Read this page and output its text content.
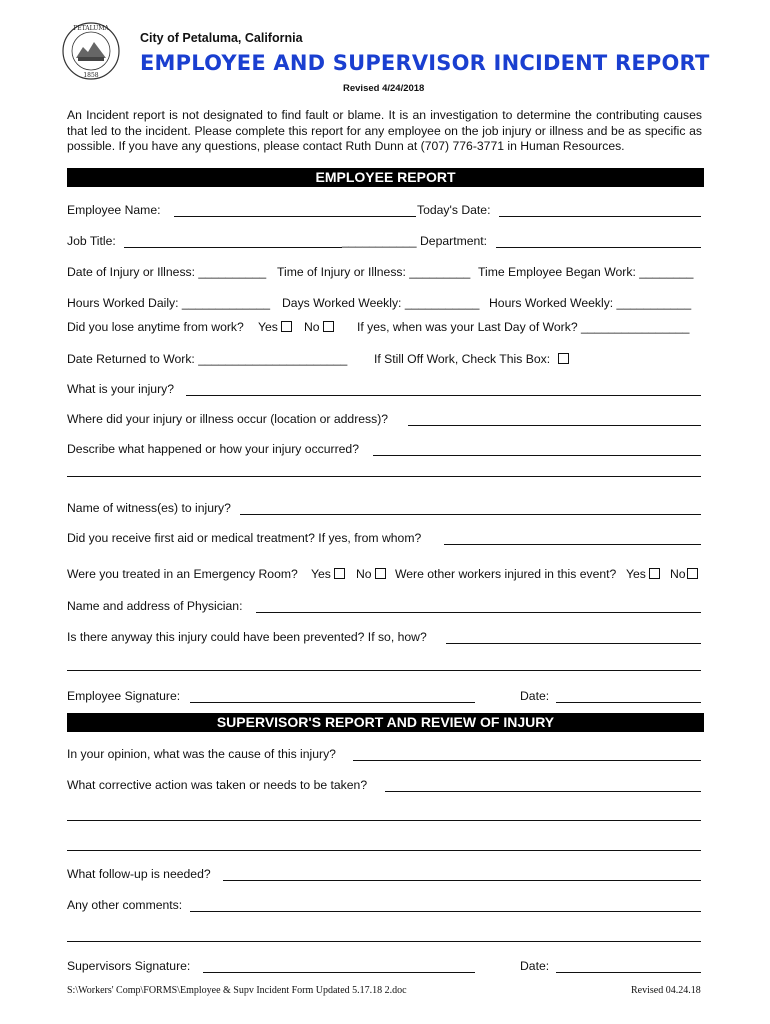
PETALUMA
1858
City of Petaluma, California
EMPLOYEE AND SUPERVISOR INCIDENT REPORT
Revised 4/24/2018
An Incident report is not designated to find fault or blame. It is an investigation to determine the contributing causes that led to the incident. Please complete this report for any employee on the job injury or illness and be as specific as possible. If you have any questions, please contact Ruth Dunn at (707) 776-3771 in Human Resources.
EMPLOYEE REPORT
Employee Name:	Today's Date:
Job Title:	___________ Department:
Date of Injury or Illness: __________ Time of Injury or Illness: _________ Time Employee Began Work: ________
Hours Worked Daily: _____________ Days Worked Weekly: ___________ Hours Worked Weekly: ___________
Did you lose anytime from work? Yes	No	If yes, when was your Last Day of Work? ________________
Date Returned to Work: ______________________ If Still Off Work, Check This Box:
What is your injury?
Where did your injury or illness occur (location or address)?
Describe what happened or how your injury occurred?
Name of witness(es) to injury?
Did you receive first aid or medical treatment? If yes, from whom?
Were you treated in an Emergency Room? Yes	No	Were other workers injured in this event? Yes	No
Name and address of Physician:
Is there anyway this injury could have been prevented? If so, how?
Employee Signature:	Date:
SUPERVISOR'S REPORT AND REVIEW OF INJURY
In your opinion, what was the cause of this injury?
What corrective action was taken or needs to be taken?
What follow-up is needed?
Any other comments:
Supervisors Signature:	Date:
S:\Workers' Comp\FORMS\Employee & Supv Incident Form Updated 5.17.18 2.doc	Revised 04.24.18
